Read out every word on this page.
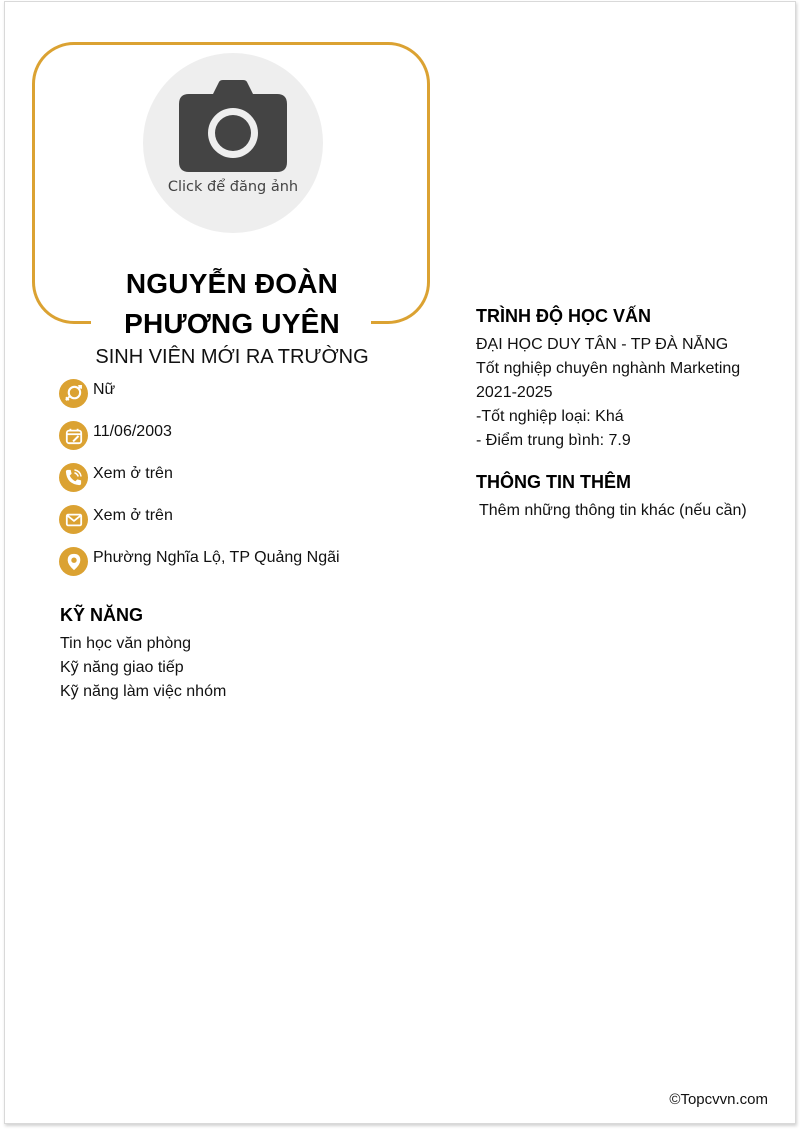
Click để đăng ảnh
NGUYỄN ĐOÀN
PHƯƠNG UYÊN
SINH VIÊN MỚI RA TRƯỜNG
Nữ
11/06/2003
Xem ở trên
Xem ở trên
Phường Nghĩa Lộ, TP Quảng Ngãi
KỸ NĂNG
Tin học văn phòng
Kỹ năng giao tiếp
Kỹ năng làm việc nhóm
TRÌNH ĐỘ HỌC VẤN
ĐẠI HỌC DUY TÂN - TP ĐÀ NẴNG
Tốt nghiệp chuyên nghành Marketing
2021-2025
-Tốt nghiệp loại: Khá
- Điểm trung bình: 7.9
THÔNG TIN THÊM
Thêm những thông tin khác (nếu cần)
©Topcvvn.com
